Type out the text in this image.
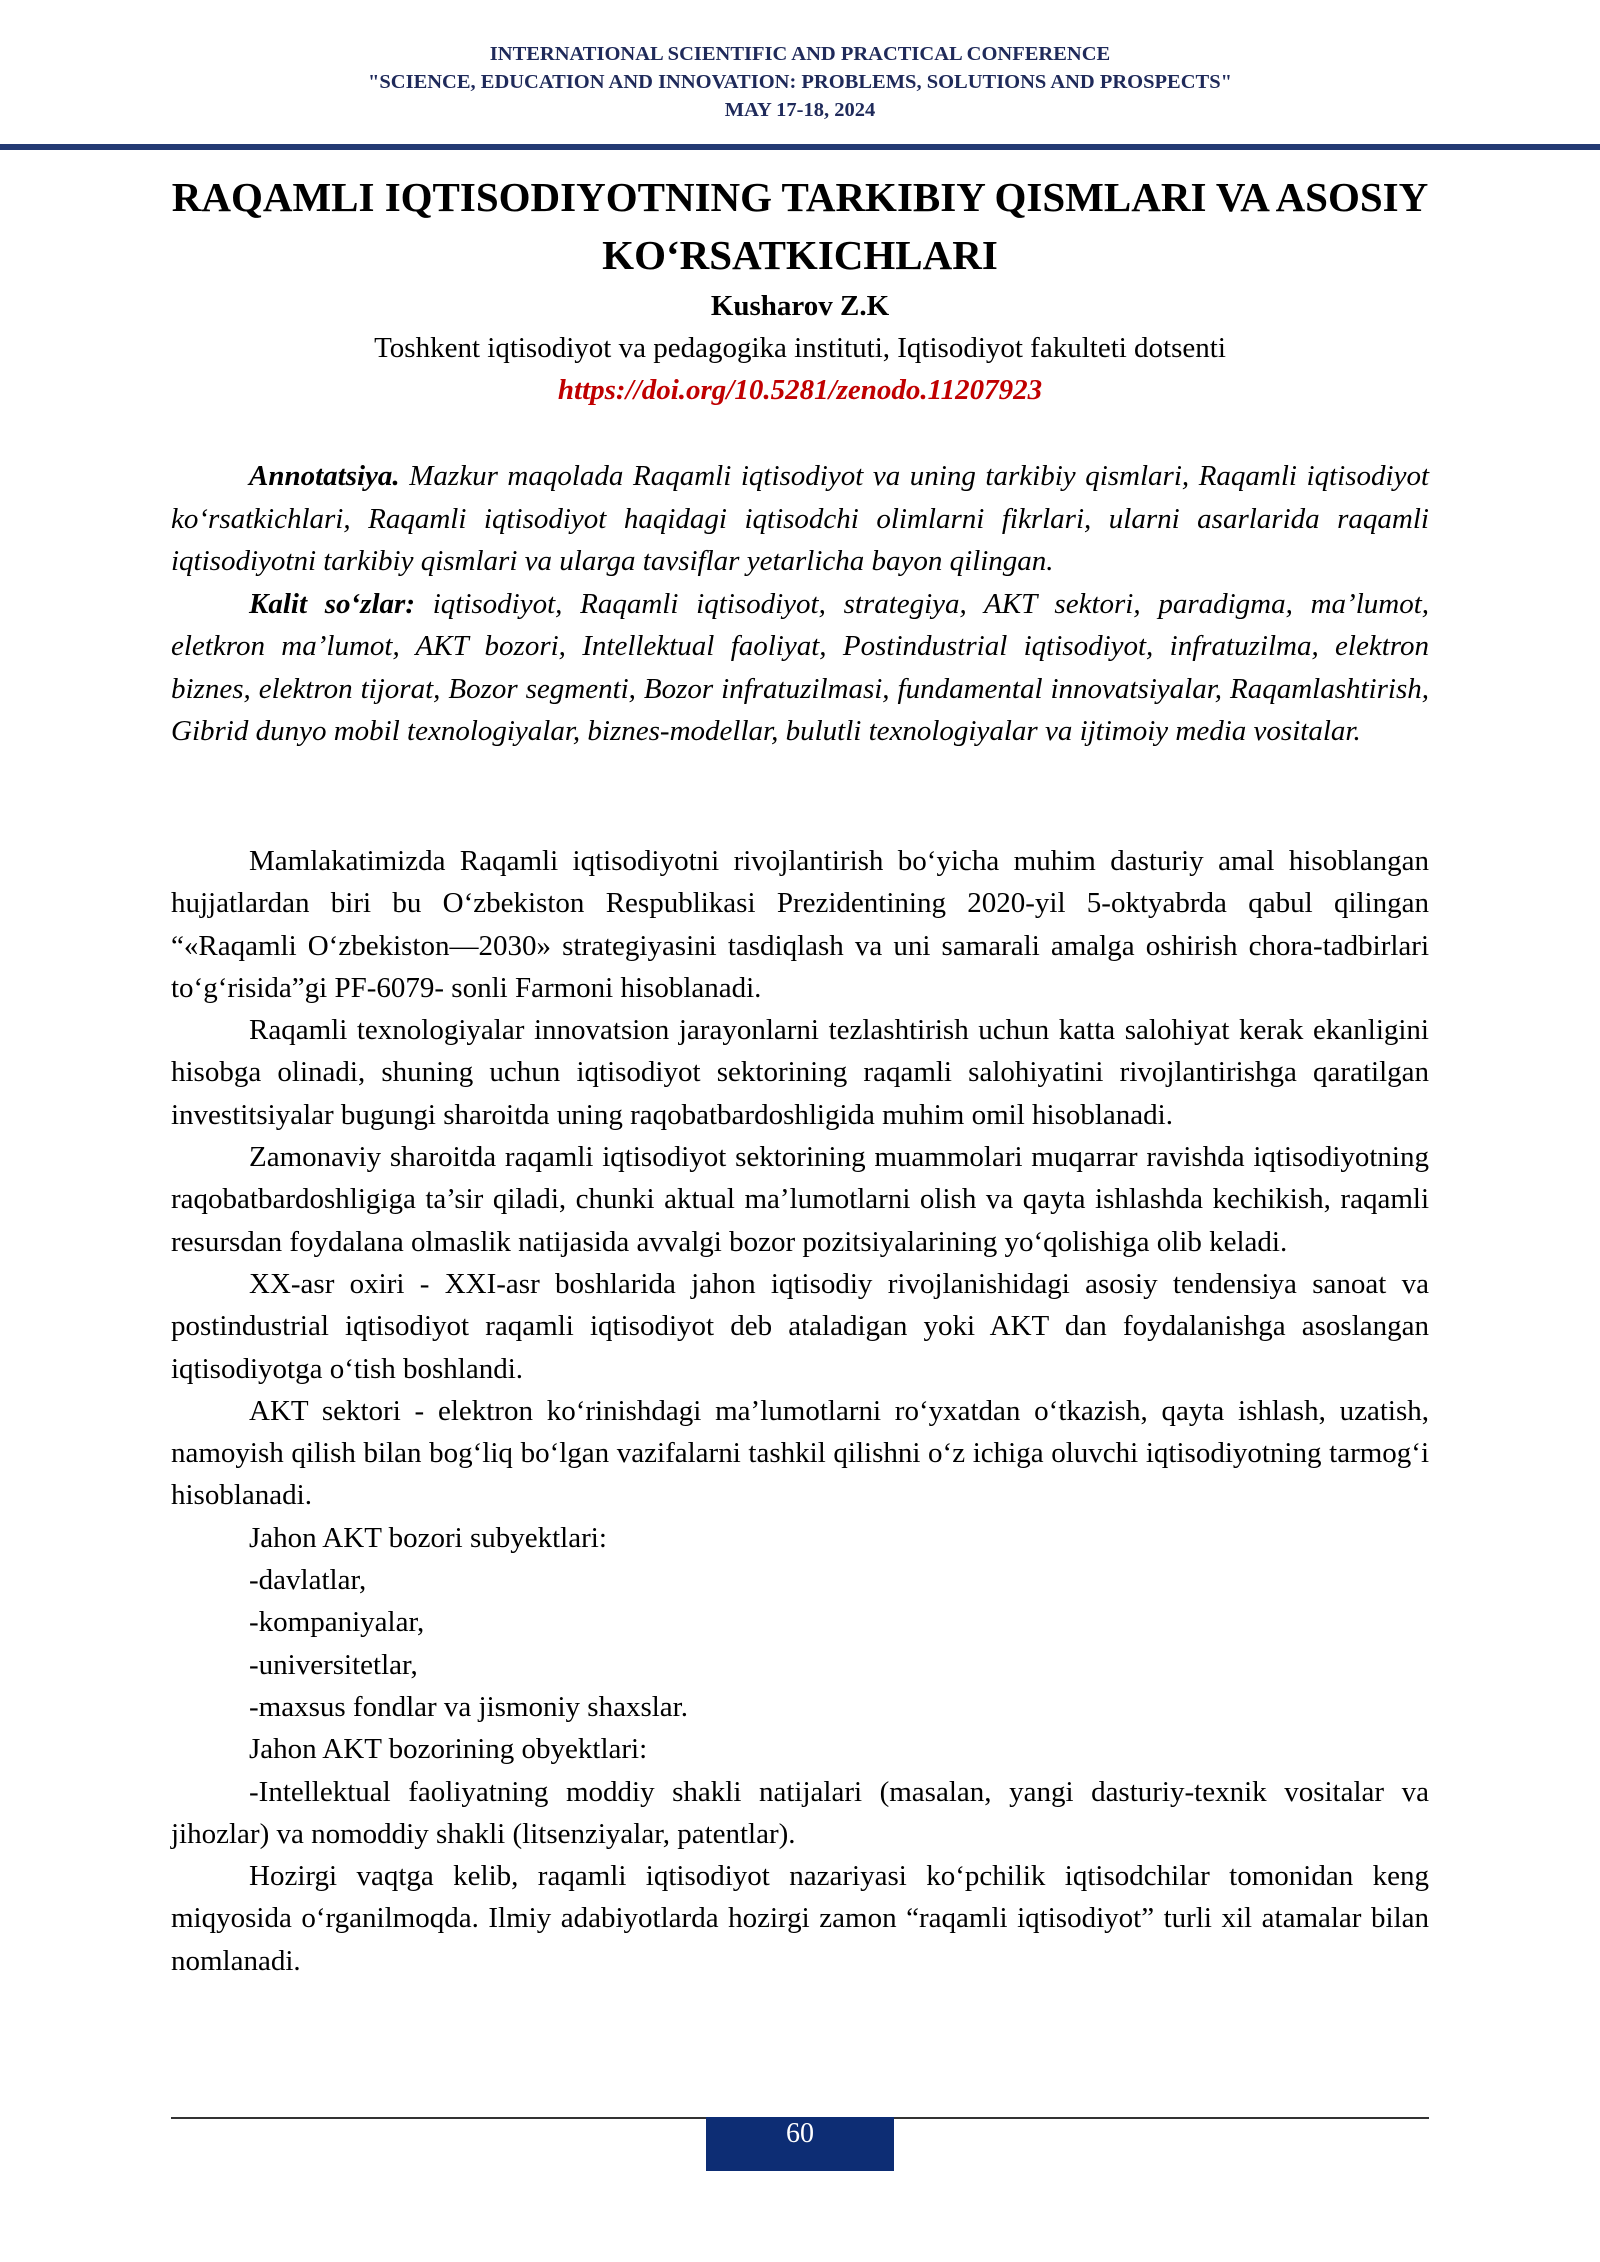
INTERNATIONAL SCIENTIFIC AND PRACTICAL CONFERENCE
"SCIENCE, EDUCATION AND INNOVATION: PROBLEMS, SOLUTIONS AND PROSPECTS"
MAY 17-18, 2024
RAQAMLI IQTISODIYOTNING TARKIBIY QISMLARI VA ASOSIY KO‘RSATKICHLARI
Kusharov Z.K
Toshkent iqtisodiyot va pedagogika instituti, Iqtisodiyot fakulteti dotsenti
https://doi.org/10.5281/zenodo.11207923

Annotatsiya. Mazkur maqolada Raqamli iqtisodiyot va uning tarkibiy qismlari, Raqamli iqtisodiyot ko‘rsatkichlari, Raqamli iqtisodiyot haqidagi iqtisodchi olimlarni fikrlari, ularni asarlarida raqamli iqtisodiyotni tarkibiy qismlari va ularga tavsiflar yetarlicha bayon qilingan.

Kalit so‘zlar: iqtisodiyot, Raqamli iqtisodiyot, strategiya, AKT sektori, paradigma, ma’lumot, eletkron ma’lumot, AKT bozori, Intellektual faoliyat, Postindustrial iqtisodiyot, infratuzilma, elektron biznes, elektron tijorat, Bozor segmenti, Bozor infratuzilmasi, fundamental innovatsiyalar, Raqamlashtirish, Gibrid dunyo mobil texnologiyalar, biznes-modellar, bulutli texnologiyalar va ijtimoiy media vositalar.

Mamlakatimizda Raqamli iqtisodiyotni rivojlantirish bo‘yicha muhim dasturiy amal hisoblangan hujjatlardan biri bu O‘zbekiston Respublikasi Prezidentining 2020-yil 5-oktyabrda qabul qilingan “«Raqamli O‘zbekiston—2030» strategiyasini tasdiqlash va uni samarali amalga oshirish chora-tadbirlari to‘g‘risida”gi PF-6079- sonli Farmoni hisoblanadi.

Raqamli texnologiyalar innovatsion jarayonlarni tezlashtirish uchun katta salohiyat kerak ekanligini hisobga olinadi, shuning uchun iqtisodiyot sektorining raqamli salohiyatini rivojlantirishga qaratilgan investitsiyalar bugungi sharoitda uning raqobatbardoshligida muhim omil hisoblanadi.

Zamonaviy sharoitda raqamli iqtisodiyot sektorining muammolari muqarrar ravishda iqtisodiyotning raqobatbardoshligiga ta’sir qiladi, chunki aktual ma’lumotlarni olish va qayta ishlashda kechikish, raqamli resursdan foydalana olmaslik natijasida avvalgi bozor pozitsiyalarining yo‘qolishiga olib keladi.

XX-asr oxiri - XXI-asr boshlarida jahon iqtisodiy rivojlanishidagi asosiy tendensiya sanoat va postindustrial iqtisodiyot raqamli iqtisodiyot deb ataladigan yoki AKT dan foydalanishga asoslangan iqtisodiyotga o‘tish boshlandi.

AKT sektori - elektron ko‘rinishdagi ma’lumotlarni ro‘yxatdan o‘tkazish, qayta ishlash, uzatish, namoyish qilish bilan bog‘liq bo‘lgan vazifalarni tashkil qilishni o‘z ichiga oluvchi iqtisodiyotning tarmog‘i hisoblanadi.

Jahon AKT bozori subyektlari:

-davlatlar,

-kompaniyalar,

-universitetlar,

-maxsus fondlar va jismoniy shaxslar.

Jahon AKT bozorining obyektlari:

-Intellektual faoliyatning moddiy shakli natijalari (masalan, yangi dasturiy-texnik vositalar va jihozlar) va nomoddiy shakli (litsenziyalar, patentlar).

Hozirgi vaqtga kelib, raqamli iqtisodiyot nazariyasi ko‘pchilik iqtisodchilar tomonidan keng miqyosida o‘rganilmoqda. Ilmiy adabiyotlarda hozirgi zamon “raqamli iqtisodiyot” turli xil atamalar bilan nomlanadi.

60
